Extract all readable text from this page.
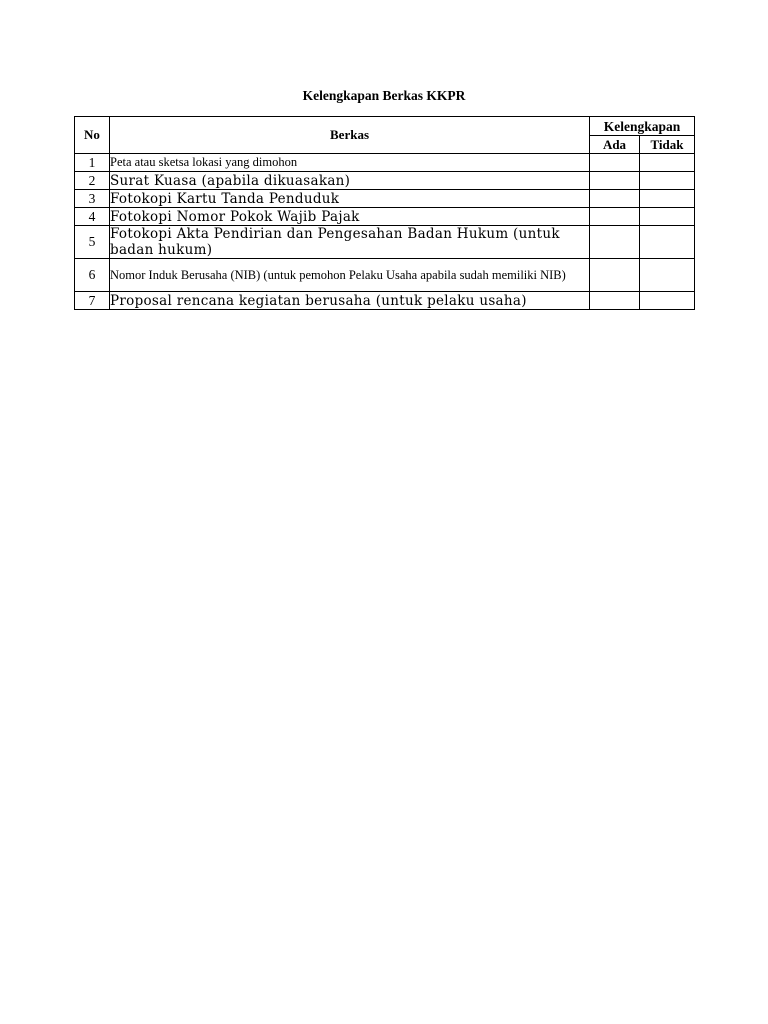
Kelengkapan Berkas KKPR
No	Berkas	Kelengkapan	
		Ada	Tidak
1	Peta atau sketsa lokasi yang dimohon		
2	Surat Kuasa (apabila dikuasakan)		
3	Fotokopi Kartu Tanda Penduduk		
4	Fotokopi Nomor Pokok Wajib Pajak		
5	Fotokopi Akta Pendirian dan Pengesahan Badan Hukum (untuk badan hukum)		
6	Nomor Induk Berusaha (NIB) (untuk pemohon Pelaku Usaha apabila sudah memiliki NIB)		
7	Proposal rencana kegiatan berusaha (untuk pelaku usaha)		
